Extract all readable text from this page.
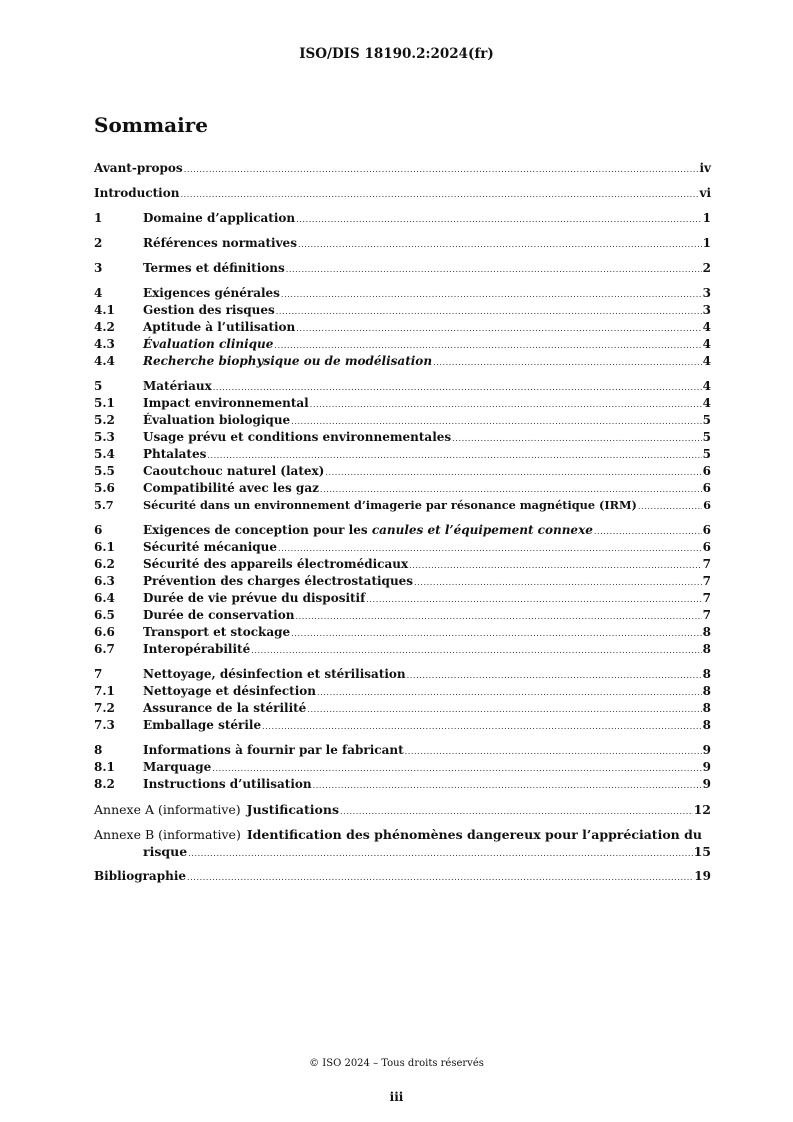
ISO/DIS 18190.2:2024(fr)
Sommaire
Avant-propos .....	iv
Introduction .....	vi
1	Domaine d’application .....	1
2	Références normatives .....	1
3	Termes et définitions .....	2
4	Exigences générales .....	3
4.1	Gestion des risques .....	3
4.2	Aptitude à l’utilisation .....	4
4.3	Évaluation clinique .....	4
4.4	Recherche biophysique ou de modélisation .....	4
5	Matériaux .....	4
5.1	Impact environnemental .....	4
5.2	Évaluation biologique .....	5
5.3	Usage prévu et conditions environnementales .....	5
5.4	Phtalates .....	5
5.5	Caoutchouc naturel (latex) .....	6
5.6	Compatibilité avec les gaz .....	6
5.7	Sécurité dans un environnement d’imagerie par résonance magnétique (IRM) .....	6
6	Exigences de conception pour les canules et l’équipement connexe .....	6
6.1	Sécurité mécanique .....	6
6.2	Sécurité des appareils électromédicaux .....	7
6.3	Prévention des charges électrostatiques .....	7
6.4	Durée de vie prévue du dispositif .....	7
6.5	Durée de conservation .....	7
6.6	Transport et stockage .....	8
6.7	Interopérabilité .....	8
7	Nettoyage, désinfection et stérilisation .....	8
7.1	Nettoyage et désinfection .....	8
7.2	Assurance de la stérilité .....	8
7.3	Emballage stérile .....	8
8	Informations à fournir par le fabricant .....	9
8.1	Marquage .....	9
8.2	Instructions d’utilisation .....	9
Annexe A (informative) Justifications .....	12
Annexe B (informative) Identification des phénomènes dangereux pour l’appréciation du
risque .....	15
Bibliographie .....	19
© ISO 2024 – Tous droits réservés
iii
